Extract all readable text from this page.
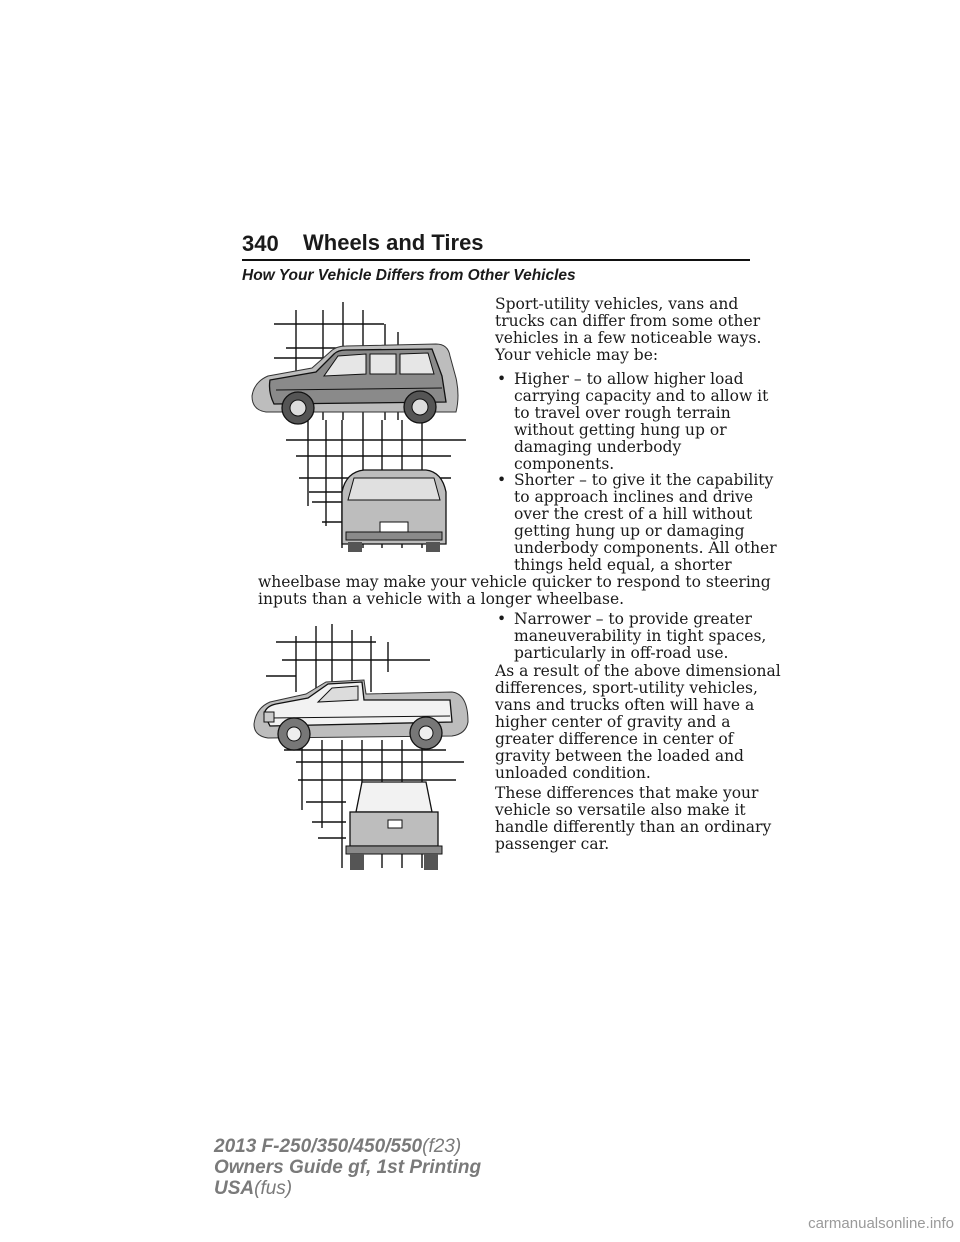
340 Wheels and Tires
How Your Vehicle Differs from Other Vehicles

Sport-utility vehicles, vans and

trucks can differ from some other

vehicles in a few noticeable ways.

Your vehicle may be:

• Higher – to allow higher load

carrying capacity and to allow it

to travel over rough terrain

without getting hung up or

damaging underbody

components.

• Shorter – to give it the capability

to approach inclines and drive

over the crest of a hill without

getting hung up or damaging

underbody components. All other

things held equal, a shorter

wheelbase may make your vehicle quicker to respond to steering

inputs than a vehicle with a longer wheelbase.

• Narrower – to provide greater

maneuverability in tight spaces,

particularly in off-road use.

As a result of the above dimensional

differences, sport-utility vehicles,

vans and trucks often will have a

higher center of gravity and a

greater difference in center of

gravity between the loaded and

unloaded condition.

These differences that make your

vehicle so versatile also make it

handle differently than an ordinary

passenger car.

2013 F-250/350/450/550(f23)
Owners Guide gf, 1st Printing
USA(fus)
carmanualsonline.info
